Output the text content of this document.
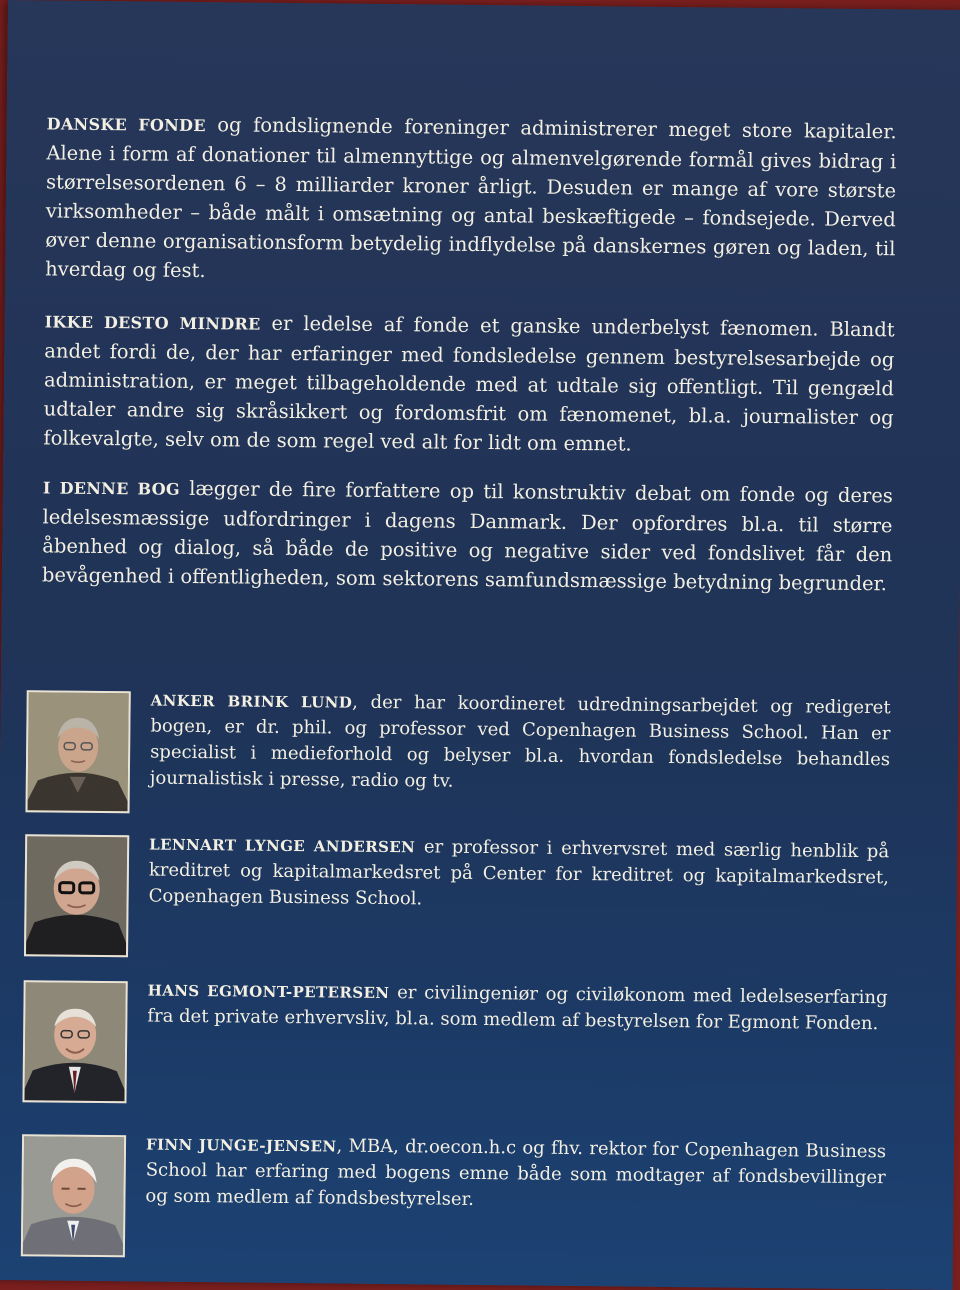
DANSKE FONDE og fondslignende foreninger administrerer meget store kapitaler. Alene i form af donationer til almennyttige og almenvelgørende formål gives bidrag i størrelsesordenen 6 – 8 milliarder kroner årligt. Desuden er mange af vore største virksomheder – både målt i omsætning og antal beskæftigede – fondsejede. Derved øver denne organisationsform betydelig indflydelse på danskernes gøren og laden, til hverdag og fest.

IKKE DESTO MINDRE er ledelse af fonde et ganske underbelyst fænomen. Blandt andet fordi de, der har erfaringer med fondsledelse gennem bestyrelsesarbejde og administration, er meget tilbageholdende med at udtale sig offentligt. Til gengæld udtaler andre sig skråsikkert og fordomsfrit om fænomenet, bl.a. journalister og folkevalgte, selv om de som regel ved alt for lidt om emnet.

I DENNE BOG lægger de fire forfattere op til konstruktiv debat om fonde og deres ledelsesmæssige udfordringer i dagens Danmark. Der opfordres bl.a. til større åbenhed og dialog, så både de positive og negative sider ved fondslivet får den bevågenhed i offentligheden, som sektorens samfundsmæssige betydning begrunder.

ANKER BRINK LUND, der har koordineret udredningsarbejdet og redigeret bogen, er dr. phil. og professor ved Copenhagen Business School. Han er specialist i medieforhold og belyser bl.a. hvordan fondsledelse behandles journalistisk i presse, radio og tv.

LENNART LYNGE ANDERSEN er professor i erhvervsret med særlig henblik på kreditret og kapitalmarkedsret på Center for kreditret og kapitalmarkedsret, Copenhagen Business School.

HANS EGMONT-PETERSEN er civilingeniør og civiløkonom med ledelseserfaring fra det private erhvervsliv, bl.a. som medlem af bestyrelsen for Egmont Fonden.

FINN JUNGE-JENSEN, MBA, dr.oecon.h.c og fhv. rektor for Copenhagen Business School har erfaring med bogens emne både som modtager af fondsbevillinger og som medlem af fondsbestyrelser.
